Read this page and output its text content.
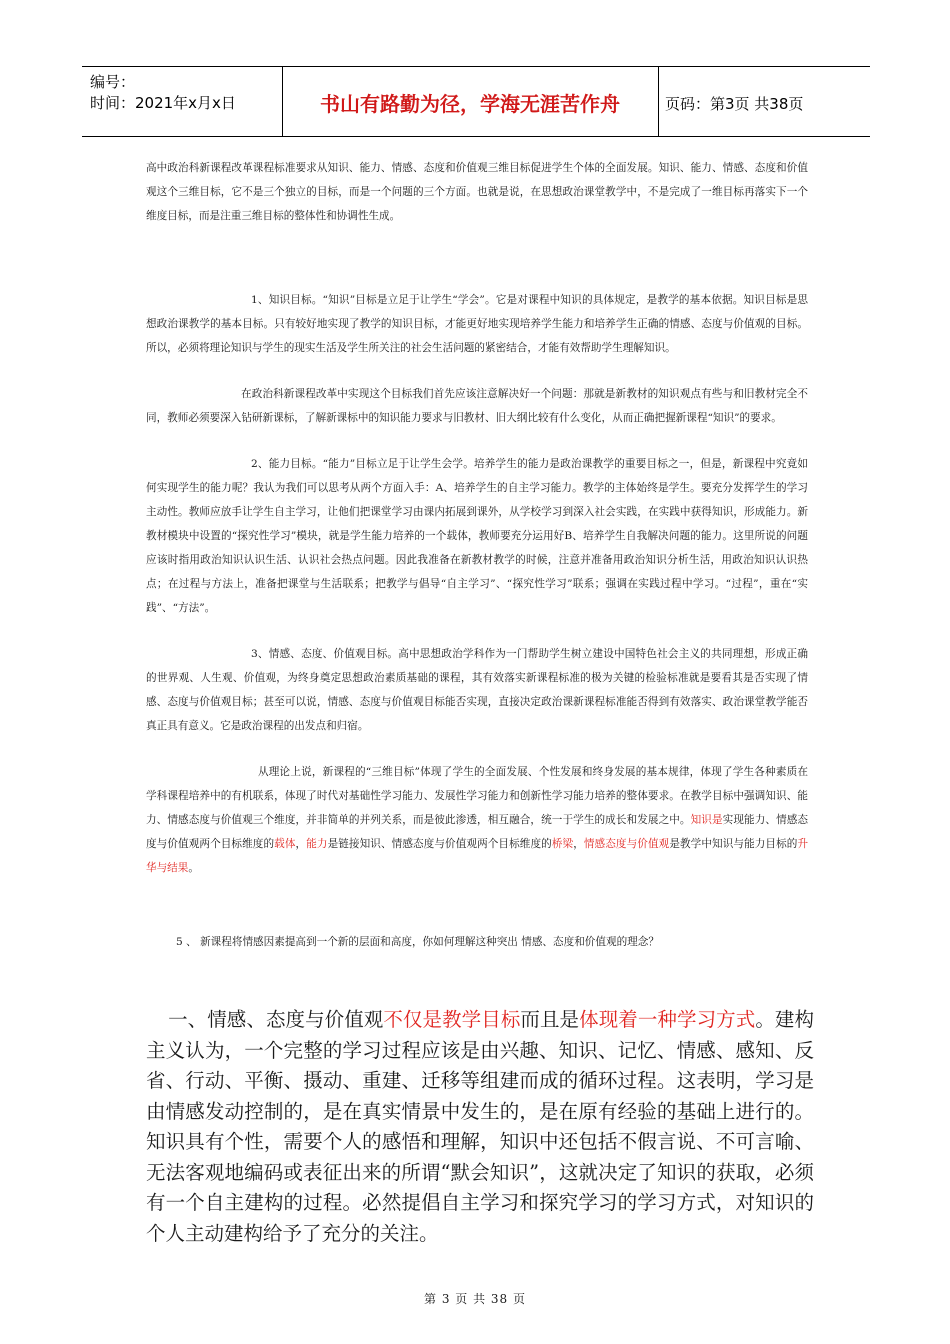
编号：
时间：2021年x月x日	书山有路勤为径，学海无涯苦作舟	页码：第3页 共38页

高中政治科新课程改革课程标准要求从知识、能力、情感、态度和价值观三维目标促进学生个体的全面发展。知识、能力、情感、态度和价值观这个三维目标，它不是三个独立的目标，而是一个问题的三个方面。也就是说，在思想政治课堂教学中，不是完成了一维目标再落实下一个维度目标，而是注重三维目标的整体性和协调性生成。

1、知识目标。“知识”目标是立足于让学生“学会”。它是对课程中知识的具体规定，是教学的基本依据。知识目标是思想政治课教学的基本目标。只有较好地实现了教学的知识目标，才能更好地实现培养学生能力和培养学生正确的情感、态度与价值观的目标。所以，必须将理论知识与学生的现实生活及学生所关注的社会生活问题的紧密结合，才能有效帮助学生理解知识。

在政治科新课程改革中实现这个目标我们首先应该注意解决好一个问题：那就是新教材的知识观点有些与和旧教材完全不同，教师必须要深入钻研新课标，了解新课标中的知识能力要求与旧教材、旧大纲比较有什么变化，从而正确把握新课程“知识”的要求。

2、能力目标。“能力”目标立足于让学生会学。培养学生的能力是政治课教学的重要目标之一，但是，新课程中究竟如何实现学生的能力呢？我认为我们可以思考从两个方面入手：A、培养学生的自主学习能力。教学的主体始终是学生。要充分发挥学生的学习主动性。教师应放手让学生自主学习，让他们把课堂学习由课内拓展到课外，从学校学习到深入社会实践，在实践中获得知识，形成能力。新教材模块中设置的“探究性学习”模块，就是学生能力培养的一个载体，教师要充分运用好B、培养学生自我解决问题的能力。这里所说的问题应该时指用政治知识认识生活、认识社会热点问题。因此我准备在新教材教学的时候，注意并准备用政治知识分析生活，用政治知识认识热点；在过程与方法上，准备把课堂与生活联系；把教学与倡导“自主学习”、“探究性学习”联系；强调在实践过程中学习。“过程”，重在“实践”、“方法”。

3、情感、态度、价值观目标。高中思想政治学科作为一门帮助学生树立建设中国特色社会主义的共同理想，形成正确的世界观、人生观、价值观，为终身奠定思想政治素质基础的课程，其有效落实新课程标准的极为关键的检验标准就是要看其是否实现了情感、态度与价值观目标；甚至可以说，情感、态度与价值观目标能否实现，直接决定政治课新课程标准能否得到有效落实、政治课堂教学能否真正具有意义。它是政治课程的出发点和归宿。

从理论上说，新课程的“三维目标”体现了学生的全面发展、个性发展和终身发展的基本规律，体现了学生各种素质在学科课程培养中的有机联系，体现了时代对基础性学习能力、发展性学习能力和创新性学习能力培养的整体要求。在教学目标中强调知识、能力、情感态度与价值观三个维度，并非简单的并列关系，而是彼此渗透，相互融合，统一于学生的成长和发展之中。知识是实现能力、情感态度与价值观两个目标维度的载体，能力是链接知识、情感态度与价值观两个目标维度的桥梁，情感态度与价值观是教学中知识与能力目标的升华与结果。

5 、 新课程将情感因素提高到一个新的层面和高度，你如何理解这种突出 情感、态度和价值观的理念？

一、情感、态度与价值观不仅是教学目标而且是体现着一种学习方式。建构主义认为，一个完整的学习过程应该是由兴趣、知识、记忆、情感、感知、反省、行动、平衡、摄动、重建、迁移等组建而成的循环过程。这表明，学习是由情感发动控制的，是在真实情景中发生的，是在原有经验的基础上进行的。知识具有个性，需要个人的感悟和理解，知识中还包括不假言说、不可言喻、无法客观地编码或表征出来的所谓“默会知识”，这就决定了知识的获取，必须有一个自主建构的过程。必然提倡自主学习和探究学习的学习方式，对知识的个人主动建构给予了充分的关注。

第 3 页 共 38 页
